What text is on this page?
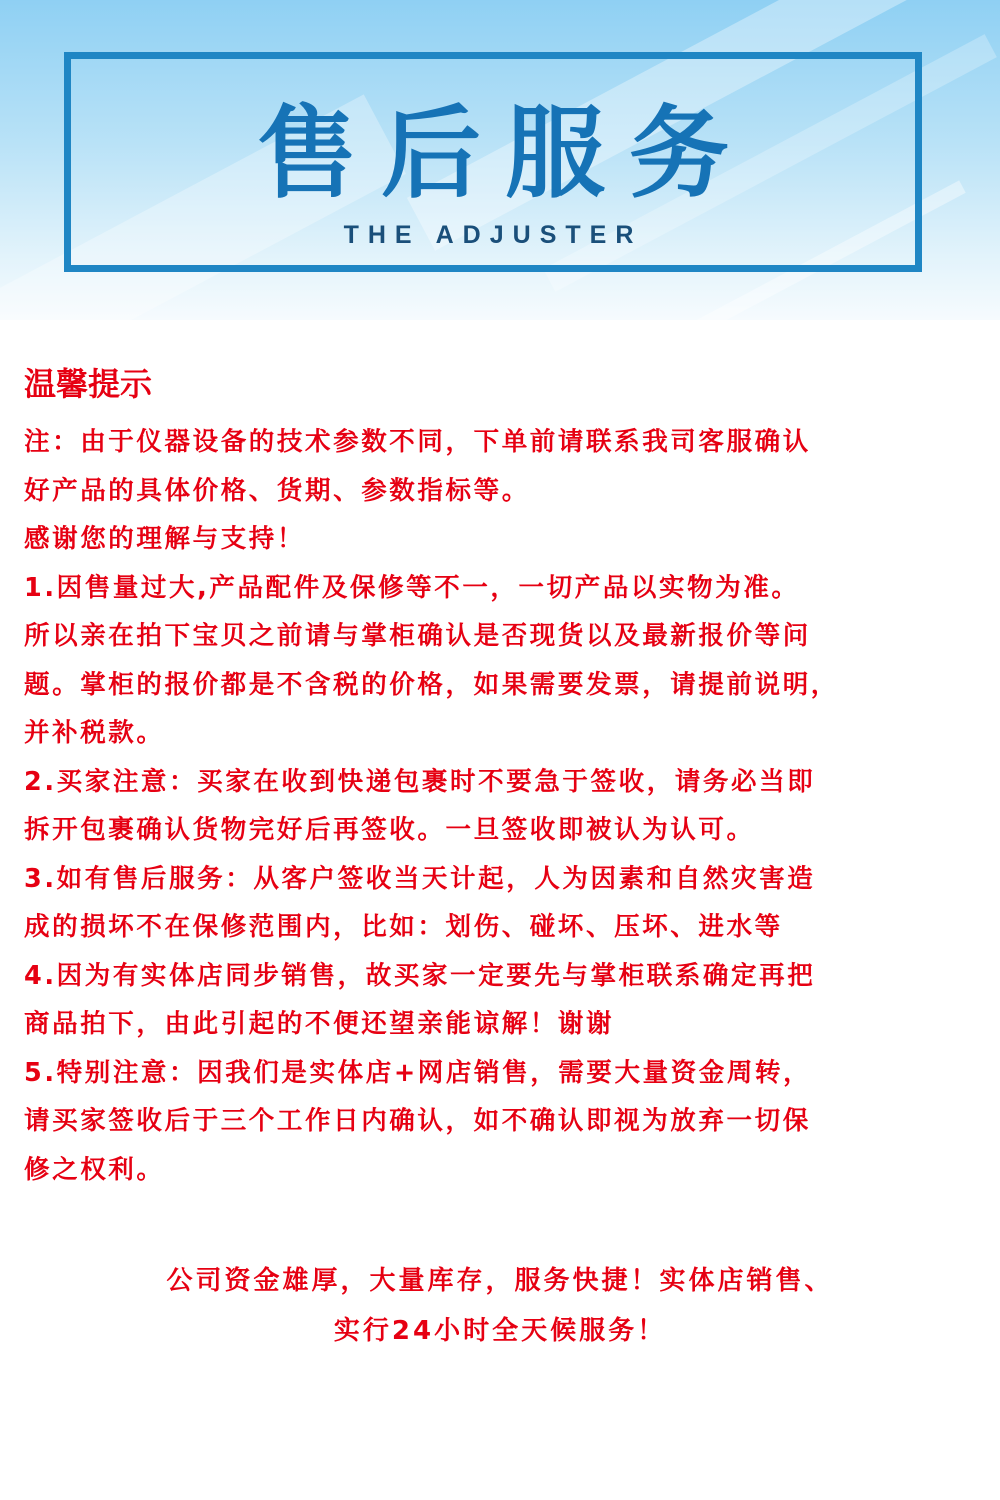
售后服务
THE ADJUSTER
温馨提示

注：由于仪器设备的技术参数不同，下单前请联系我司客服确认

好产品的具体价格、货期、参数指标等。

感谢您的理解与支持！

1.因售量过大,产品配件及保修等不一，一切产品以实物为准。

所以亲在拍下宝贝之前请与掌柜确认是否现货以及最新报价等问

题。掌柜的报价都是不含税的价格，如果需要发票，请提前说明，

并补税款。

2.买家注意：买家在收到快递包裹时不要急于签收，请务必当即

拆开包裹确认货物完好后再签收。一旦签收即被认为认可。

3.如有售后服务：从客户签收当天计起，人为因素和自然灾害造

成的损坏不在保修范围内，比如：划伤、碰坏、压坏、进水等

4.因为有实体店同步销售，故买家一定要先与掌柜联系确定再把

商品拍下，由此引起的不便还望亲能谅解！谢谢

5.特别注意：因我们是实体店+网店销售，需要大量资金周转，

请买家签收后于三个工作日内确认，如不确认即视为放弃一切保

修之权利。

公司资金雄厚，大量库存，服务快捷！实体店销售、

实行24小时全天候服务！
